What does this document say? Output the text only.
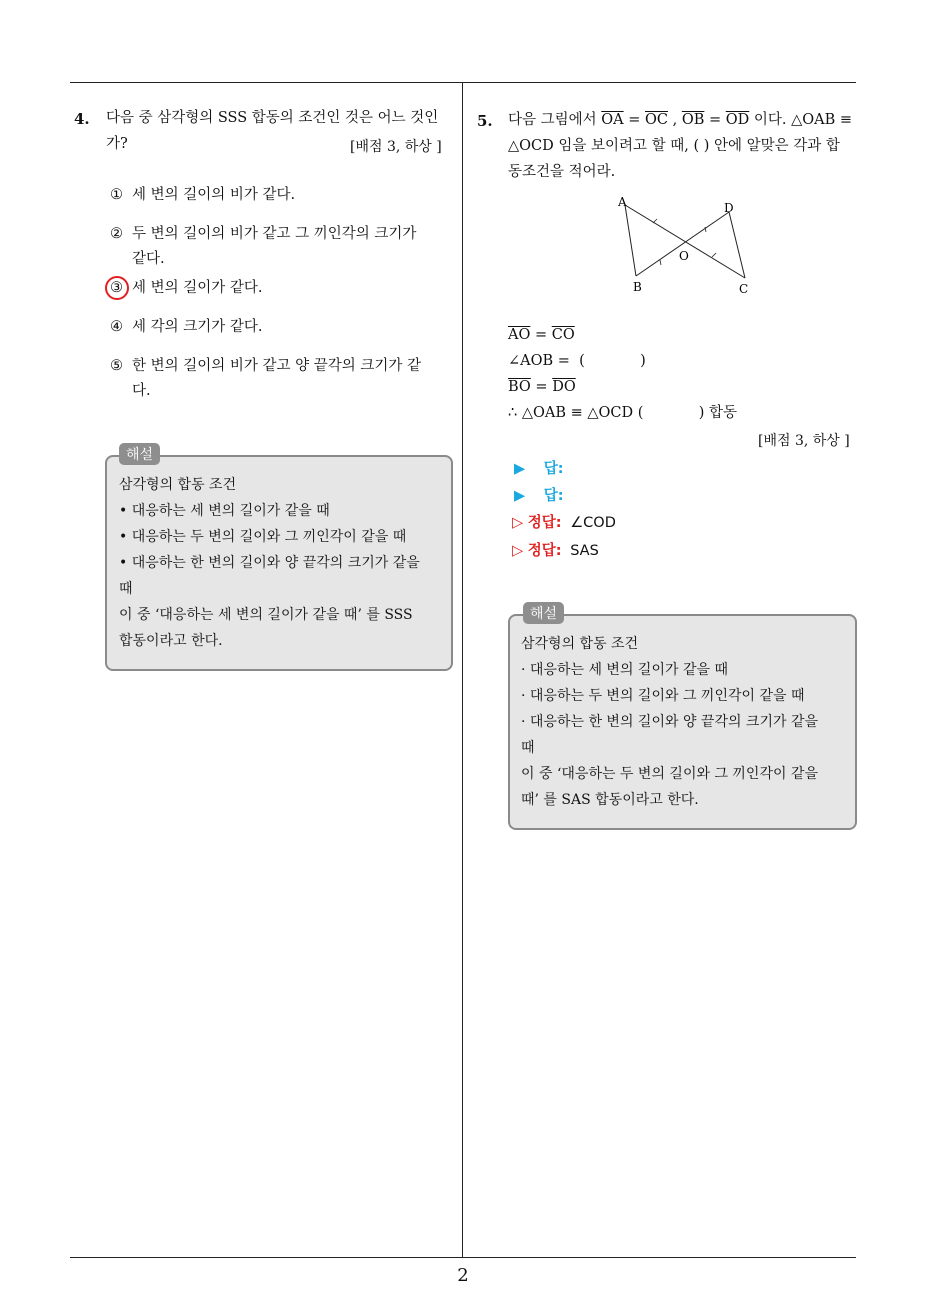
2
4. 다음 중 삼각형의 SSS 합동의 조건인 것은 어느 것인
가?	[배점 3, 하상 ]
① 세 변의 길이의 비가 같다.
② 두 변의 길이의 비가 같고 그 끼인각의 크기가
같다.
③ 세 변의 길이가 같다.
④ 세 각의 크기가 같다.
⑤ 한 변의 길이의 비가 같고 양 끝각의 크기가 같
다.
해설
삼각형의 합동 조건
• 대응하는 세 변의 길이가 같을 때
• 대응하는 두 변의 길이와 그 끼인각이 같을 때
• 대응하는 한 변의 길이와 양 끝각의 크기가 같을
때
이 중 ‘대응하는 세 변의 길이가 같을 때’ 를 SSS
합동이라고 한다.
5. 다음 그림에서 $\overline{OA} = \overline{OC}$ , $\overline{OB} = \overline{OD}$ 이다. △OAB ≡
△OCD 임을 보이려고 할 때, ( ) 안에 알맞은 각과 합
동조건을 적어라.
A	D
O
B	C
$\overline{AO} = \overline{CO}$
∠AOB =  (            )
$\overline{BO} = \overline{DO}$
∴ △OAB ≡ △OCD (            ) 합동
[배점 3, 하상 ]
▶ 답:
▶ 답:
▷ 정답: ∠COD
▷ 정답: SAS
해설
삼각형의 합동 조건
· 대응하는 세 변의 길이가 같을 때
· 대응하는 두 변의 길이와 그 끼인각이 같을 때
· 대응하는 한 변의 길이와 양 끝각의 크기가 같을
때
이 중 ‘대응하는 두 변의 길이와 그 끼인각이 같을
때’ 를 SAS 합동이라고 한다.
